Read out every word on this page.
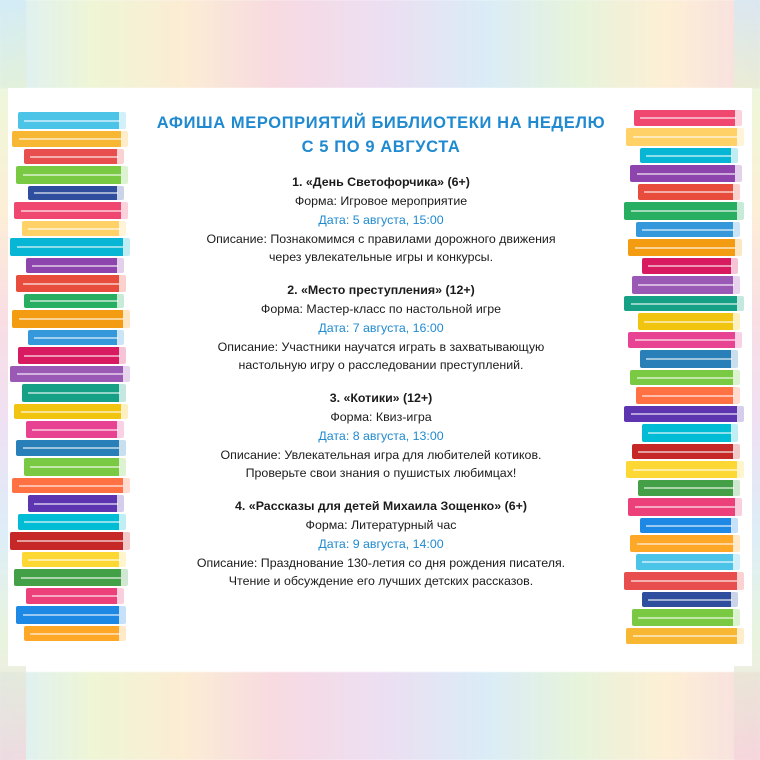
АФИША МЕРОПРИЯТИЙ БИБЛИОТЕКИ НА НЕДЕЛЮ
С 5 ПО 9 АВГУСТА
1. «День Светофорчика» (6+)
Форма: Игровое мероприятие
Дата: 5 августа, 15:00
Описание: Познакомимся с правилами дорожного движения
через увлекательные игры и конкурсы.
2. «Место преступления» (12+)
Форма: Мастер-класс по настольной игре
Дата: 7 августа, 16:00
Описание: Участники научатся играть в захватывающую
настольную игру о расследовании преступлений.
3. «Котики» (12+)
Форма: Квиз-игра
Дата: 8 августа, 13:00
Описание: Увлекательная игра для любителей котиков.
Проверьте свои знания о пушистых любимцах!
4. «Рассказы для детей Михаила Зощенко» (6+)
Форма: Литературный час
Дата: 9 августа, 14:00
Описание: Празднование 130-летия со дня рождения писателя.
Чтение и обсуждение его лучших детских рассказов.
